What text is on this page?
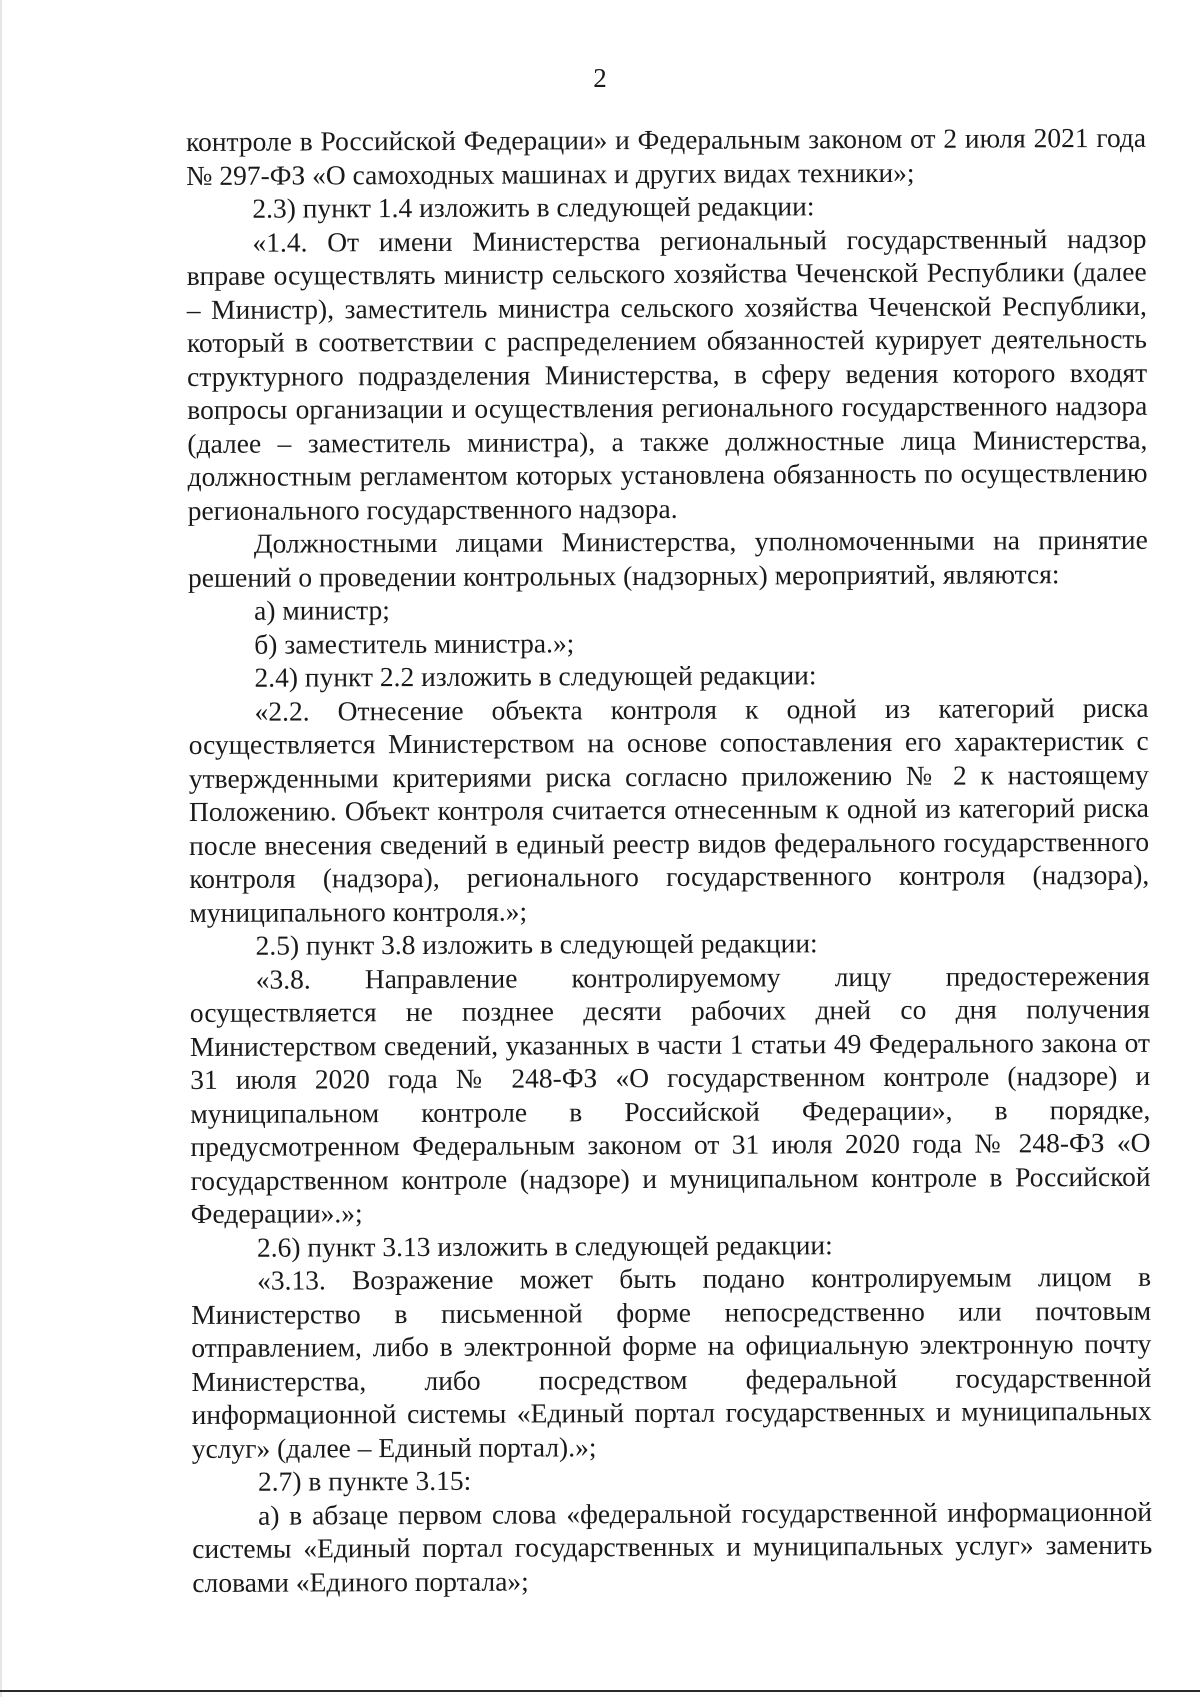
2

контроле в Российской Федерации» и Федеральным законом от 2 июля 2021 года № 297-ФЗ «О самоходных машинах и других видах техники»;

2.3) пункт 1.4 изложить в следующей редакции:

«1.4. От имени Министерства региональный государственный надзор вправе осуществлять министр сельского хозяйства Чеченской Республики (далее – Министр), заместитель министра сельского хозяйства Чеченской Республики, который в соответствии с распределением обязанностей курирует деятельность структурного подразделения Министерства, в сферу ведения которого входят вопросы организации и осуществления регионального государственного надзора (далее – заместитель министра), а также должностные лица Министерства, должностным регламентом которых установлена обязанность по осуществлению регионального государственного надзора.

Должностными лицами Министерства, уполномоченными на принятие решений о проведении контрольных (надзорных) мероприятий, являются:

а) министр;

б) заместитель министра.»;

2.4) пункт 2.2 изложить в следующей редакции:

«2.2. Отнесение объекта контроля к одной из категорий риска осуществляется Министерством на основе сопоставления его характеристик с утвержденными критериями риска согласно приложению № 2 к настоящему Положению. Объект контроля считается отнесенным к одной из категорий риска после внесения сведений в единый реестр видов федерального государственного контроля (надзора), регионального государственного контроля (надзора), муниципального контроля.»;

2.5) пункт 3.8 изложить в следующей редакции:

«3.8. Направление контролируемому лицу предостережения осуществляется не позднее десяти рабочих дней со дня получения Министерством сведений, указанных в части 1 статьи 49 Федерального закона от 31 июля 2020 года № 248-ФЗ «О государственном контроле (надзоре) и муниципальном контроле в Российской Федерации», в порядке, предусмотренном Федеральным законом от 31 июля 2020 года № 248-ФЗ «О государственном контроле (надзоре) и муниципальном контроле в Российской Федерации».»;

2.6) пункт 3.13 изложить в следующей редакции:

«3.13. Возражение может быть подано контролируемым лицом в Министерство в письменной форме непосредственно или почтовым отправлением, либо в электронной форме на официальную электронную почту Министерства, либо посредством федеральной государственной информационной системы «Единый портал государственных и муниципальных услуг» (далее – Единый портал).»;

2.7) в пункте 3.15:

а) в абзаце первом слова «федеральной государственной информационной системы «Единый портал государственных и муниципальных услуг» заменить словами «Единого портала»;
